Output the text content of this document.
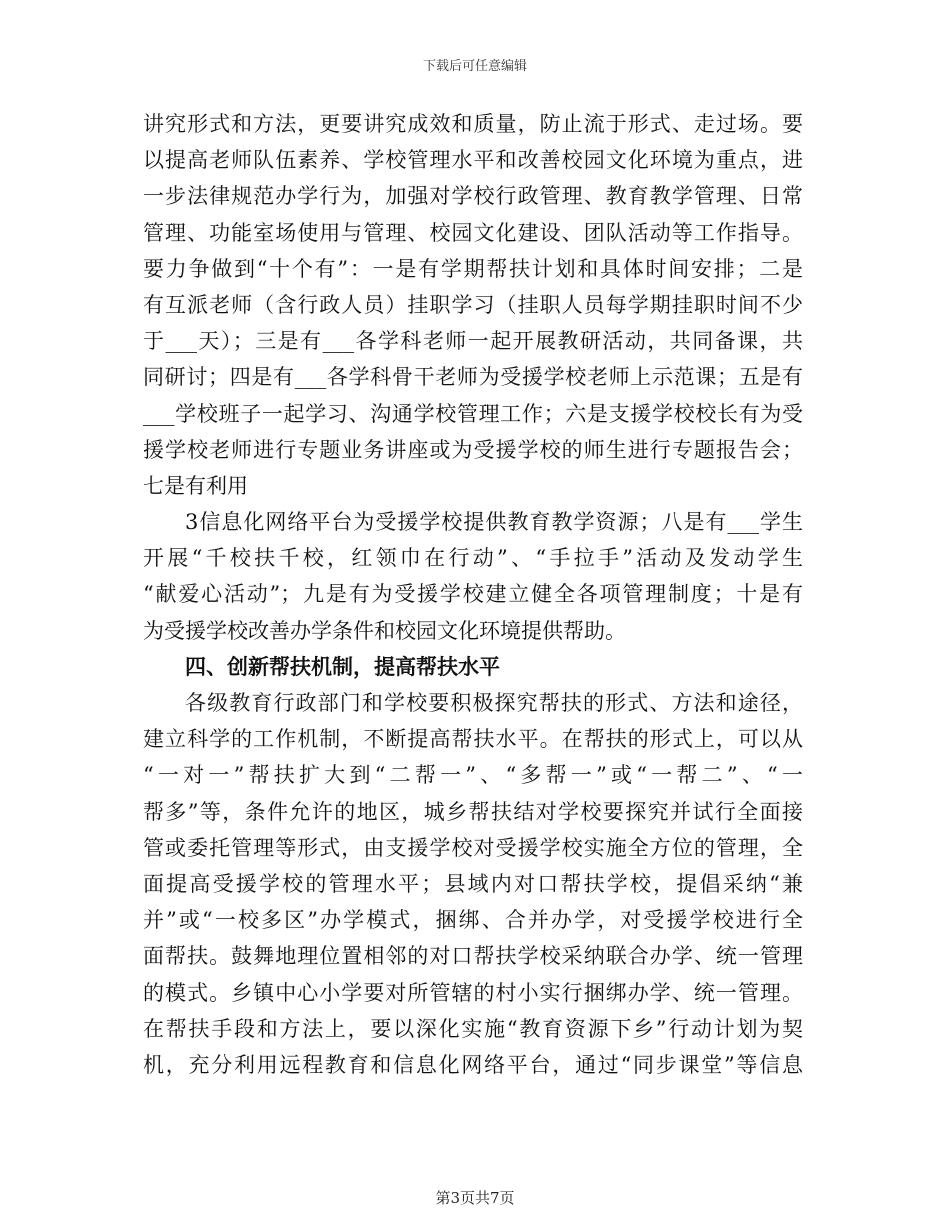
下载后可任意编辑
讲究形式和方法，更要讲究成效和质量，防止流于形式、走过场。要
以提高老师队伍素养、学校管理水平和改善校园文化环境为重点，进
一步法律规范办学行为，加强对学校行政管理、教育教学管理、日常
管理、功能室场使用与管理、校园文化建设、团队活动等工作指导。
要力争做到“十个有”：一是有学期帮扶计划和具体时间安排；二是
有互派老师（含行政人员）挂职学习（挂职人员每学期挂职时间不少
于___天）；三是有___各学科老师一起开展教研活动，共同备课，共
同研讨；四是有___各学科骨干老师为受援学校老师上示范课；五是有
___学校班子一起学习、沟通学校管理工作；六是支援学校校长有为受
援学校老师进行专题业务讲座或为受援学校的师生进行专题报告会；
七是有利用
3信息化网络平台为受援学校提供教育教学资源；八是有___学生
开展“千校扶千校，红领巾在行动”、“手拉手”活动及发动学生
“献爱心活动”；九是有为受援学校建立健全各项管理制度；十是有
为受援学校改善办学条件和校园文化环境提供帮助。
四、创新帮扶机制，提高帮扶水平
各级教育行政部门和学校要积极探究帮扶的形式、方法和途径，
建立科学的工作机制，不断提高帮扶水平。在帮扶的形式上，可以从
“一对一”帮扶扩大到“二帮一”、“多帮一”或“一帮二”、“一
帮多”等，条件允许的地区，城乡帮扶结对学校要探究并试行全面接
管或委托管理等形式，由支援学校对受援学校实施全方位的管理，全
面提高受援学校的管理水平；县域内对口帮扶学校，提倡采纳“兼
并”或“一校多区”办学模式，捆绑、合并办学，对受援学校进行全
面帮扶。鼓舞地理位置相邻的对口帮扶学校采纳联合办学、统一管理
的模式。乡镇中心小学要对所管辖的村小实行捆绑办学、统一管理。
在帮扶手段和方法上，要以深化实施“教育资源下乡”行动计划为契
机，充分利用远程教育和信息化网络平台，通过“同步课堂”等信息
第3页共7页
